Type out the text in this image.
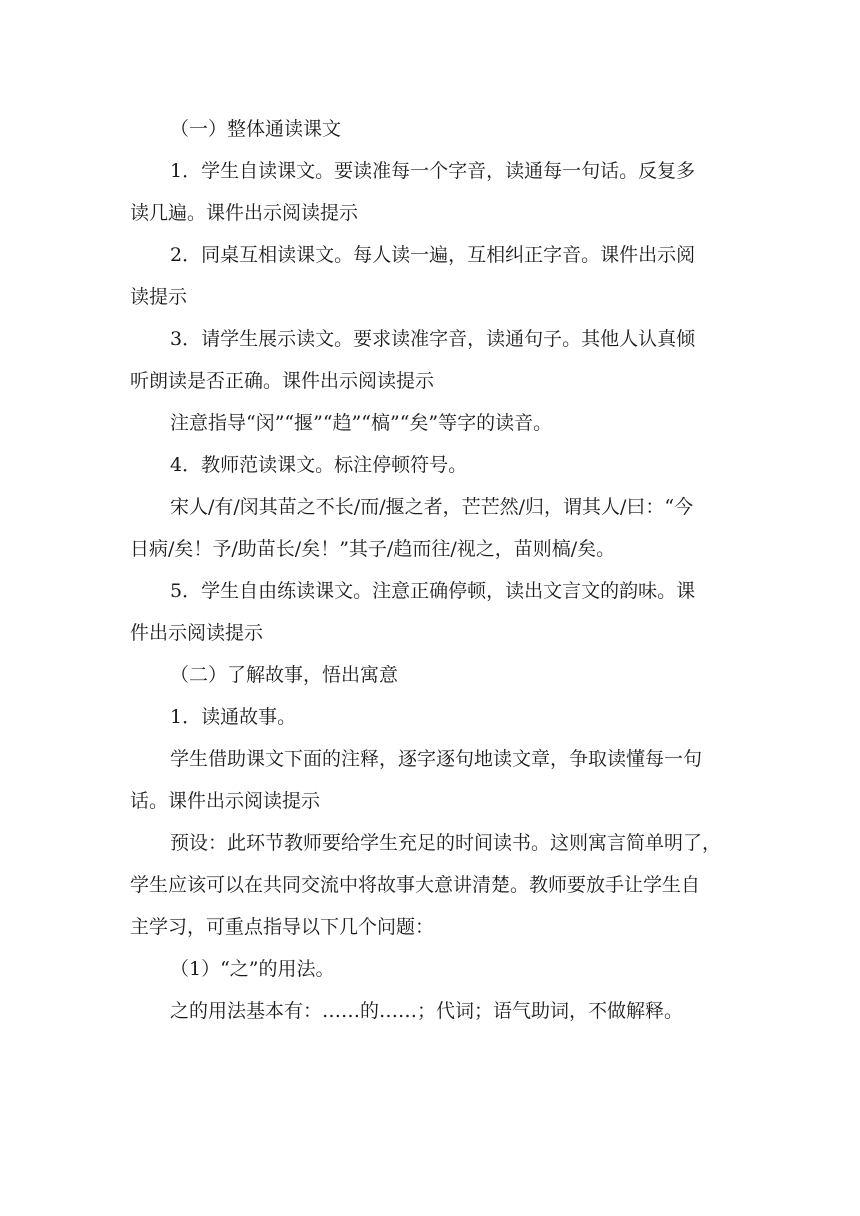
（一）整体通读课文
1．学生自读课文。要读准每一个字音，读通每一句话。反复多
读几遍。课件出示阅读提示
2．同桌互相读课文。每人读一遍，互相纠正字音。课件出示阅
读提示
3．请学生展示读文。要求读准字音，读通句子。其他人认真倾
听朗读是否正确。课件出示阅读提示
注意指导“闵”“揠”“趋”“槁”“矣”等字的读音。
4．教师范读课文。标注停顿符号。
宋人/有/闵其苗之不长/而/揠之者，芒芒然/归，谓其人/曰：“今
日病/矣！予/助苗长/矣！”其子/趋而往/视之，苗则槁/矣。
5．学生自由练读课文。注意正确停顿，读出文言文的韵味。课
件出示阅读提示
（二）了解故事，悟出寓意
1．读通故事。
学生借助课文下面的注释，逐字逐句地读文章，争取读懂每一句
话。课件出示阅读提示
预设：此环节教师要给学生充足的时间读书。这则寓言简单明了，
学生应该可以在共同交流中将故事大意讲清楚。教师要放手让学生自
主学习，可重点指导以下几个问题：
（1）“之”的用法。
之的用法基本有：……的……；代词；语气助词，不做解释。
